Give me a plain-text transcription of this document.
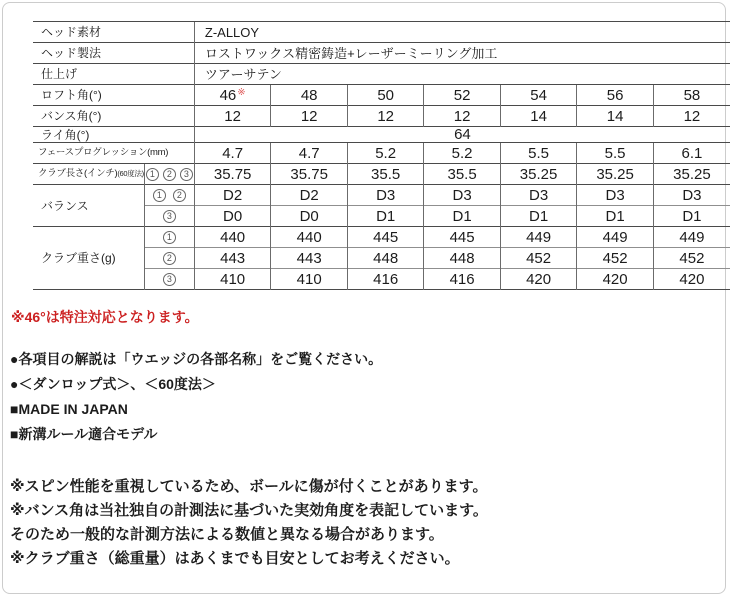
ヘッド素材		Z-ALLOY						
ヘッド製法		ロストワックス精密鋳造+レーザーミーリング加工						
仕上げ		ツアーサテン						
ロフト角(°)		46※	48	50	52	54	56	58
バンス角(°)		12	12	12	12	14	14	12
ライ角(°)		64						
フェースプログレッション(mm)		4.7	4.7	5.2	5.2	5.5	5.5	6.1
クラブ長さ(インチ)(60度法)	1 2 3	35.75	35.75	35.5	35.5	35.25	35.25	35.25
バランス	1 2	D2	D2	D3	D3	D3	D3	D3
	3	D0	D0	D1	D1	D1	D1	D1
クラブ重さ(g)	1	440	440	445	445	449	449	449
	2	443	443	448	448	452	452	452
	3	410	410	416	416	420	420	420
※46°は特注対応となります。
●各項目の解説は「ウエッジの各部名称」をご覧ください。
●＜ダンロップ式＞、＜60度法＞
■MADE IN JAPAN
■新溝ルール適合モデル
※スピン性能を重視しているため、ボールに傷が付くことがあります。
※バンス角は当社独自の計測法に基づいた実効角度を表記しています。
そのため一般的な計測方法による数値と異なる場合があります。
※クラブ重さ（総重量）はあくまでも目安としてお考えください。
